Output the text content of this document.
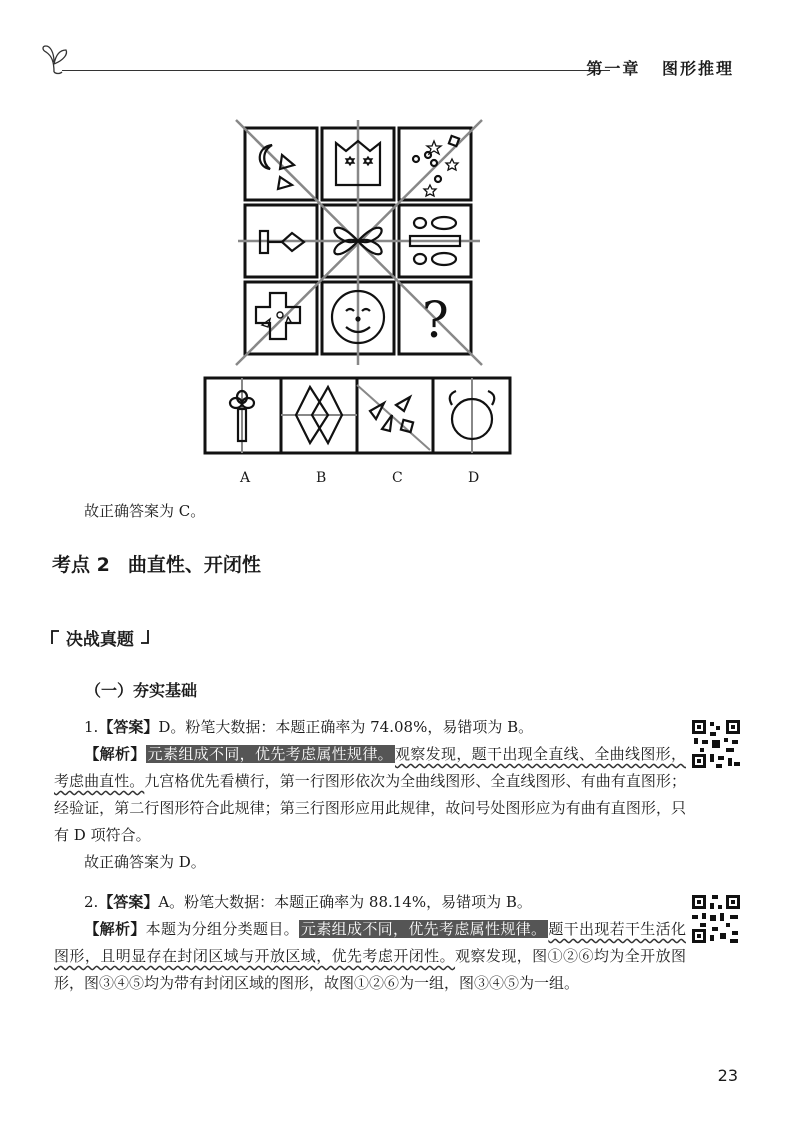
第一章 图形推理
?
A	B	C	D
故正确答案为 C。
考点 2 曲直性、开闭性
决战真题
（一）夯实基础
1.【答案】D。粉笔大数据：本题正确率为 74.08%，易错项为 B。
【解析】 元素组成不同，优先考虑属性规律。 观察发现，题干出现全直线、全曲线图形，考虑曲直性。九宫格优先看横行，第一行图形依次为全曲线图形、全直线图形、有曲有直图形；经验证，第二行图形符合此规律；第三行图形应用此规律，故问号处图形应为有曲有直图形，只有 D 项符合。
故正确答案为 D。
2.【答案】A。粉笔大数据：本题正确率为 88.14%，易错项为 B。
【解析】本题为分组分类题目。 元素组成不同，优先考虑属性规律。 题干出现若干生活化图形，且明显存在封闭区域与开放区域，优先考虑开闭性。观察发现，图①②⑥均为全开放图形，图③④⑤均为带有封闭区域的图形，故图①②⑥为一组，图③④⑤为一组。
23
